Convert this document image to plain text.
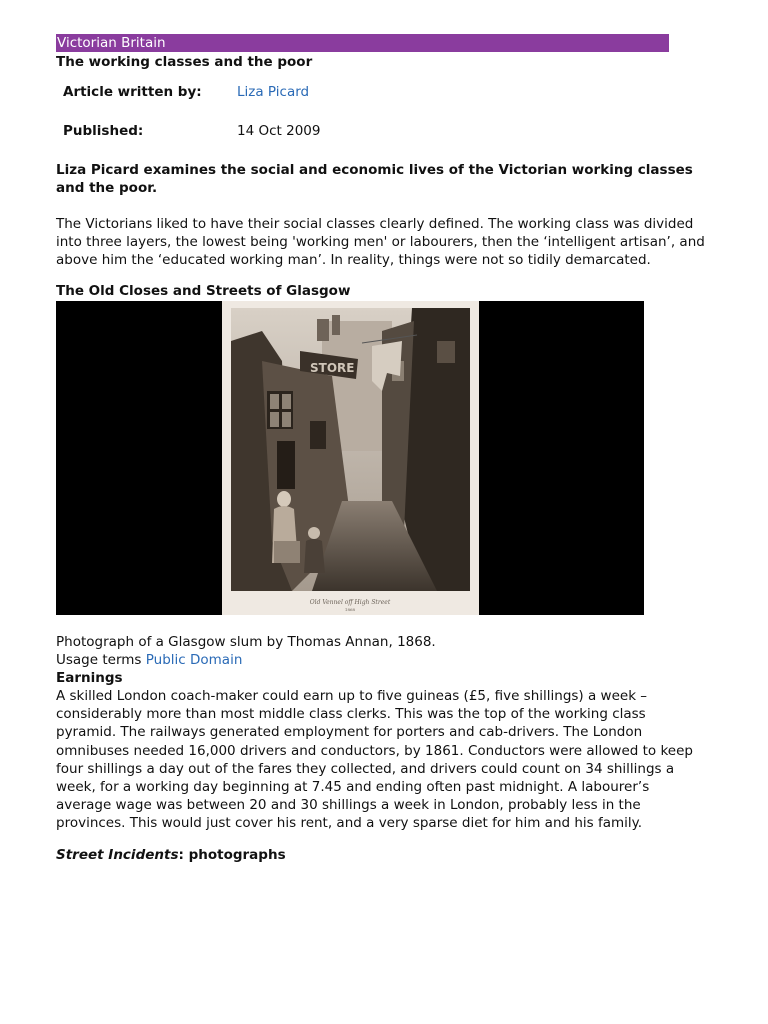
Victorian Britain
The working classes and the poor
Article written by:	Liza Picard
Published:	14 Oct 2009
Liza Picard examines the social and economic lives of the Victorian working classes and the poor.
The Victorians liked to have their social classes clearly defined. The working class was divided into three layers, the lowest being 'working men' or labourers, then the ‘intelligent artisan’, and above him the ‘educated working man’. In reality, things were not so tidily demarcated.
The Old Closes and Streets of Glasgow
STORE
Old Vennel off High Street
1868
Photograph of a Glasgow slum by Thomas Annan, 1868.
Usage terms Public Domain
Earnings
A skilled London coach-maker could earn up to five guineas (£5, five shillings) a week – considerably more than most middle class clerks. This was the top of the working class pyramid. The railways generated employment for porters and cab-drivers. The London omnibuses needed 16,000 drivers and conductors, by 1861. Conductors were allowed to keep four shillings a day out of the fares they collected, and drivers could count on 34 shillings a week, for a working day beginning at 7.45 and ending often past midnight. A labourer’s average wage was between 20 and 30 shillings a week in London, probably less in the provinces. This would just cover his rent, and a very sparse diet for him and his family.
Street Incidents: photographs
